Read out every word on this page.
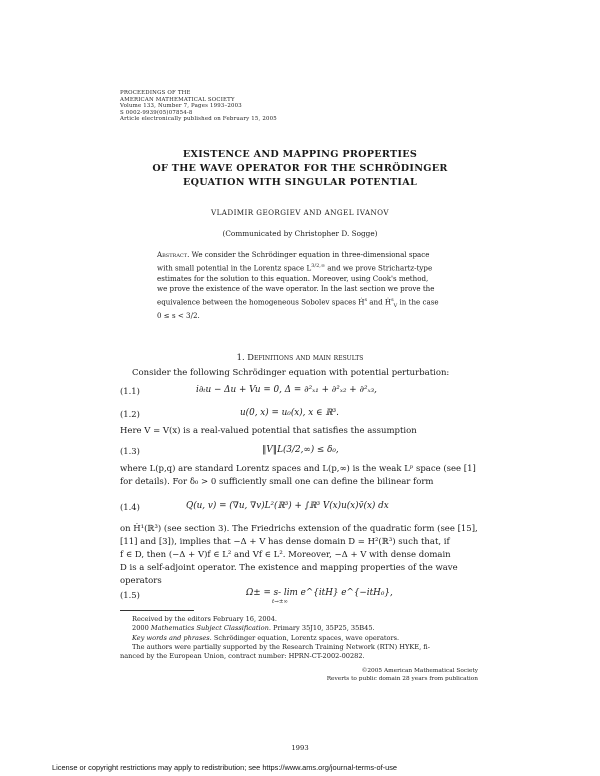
PROCEEDINGS OF THE
AMERICAN MATHEMATICAL SOCIETY
Volume 133, Number 7, Pages 1993–2003
S 0002-9939(05)07854-8
Article electronically published on February 15, 2005
EXISTENCE AND MAPPING PROPERTIES
OF THE WAVE OPERATOR FOR THE SCHRÖDINGER
EQUATION WITH SINGULAR POTENTIAL
VLADIMIR GEORGIEV AND ANGEL IVANOV
(Communicated by Christopher D. Sogge)
Abstract. We consider the Schrödinger equation in three-dimensional space
with small potential in the Lorentz space $L^{3/2,\infty}$ and we prove Strichartz-type
estimates for the solution to this equation. Moreover, using Cook's method,
we prove the existence of the wave operator. In the last section we prove the
equivalence between the homogeneous Sobolev spaces Ḣ$^s$ and Ḣ$^s_V$ in the case
0 ≤ s < 3/2.
1. Definitions and main results
Consider the following Schrödinger equation with potential perturbation:
(1.1)	i∂ₜu − Δu + Vu = 0, Δ = ∂²ₓ₁ + ∂²ₓ₂ + ∂²ₓ₃,
(1.2)	u(0, x) = u₀(x), x ∈ ℝ³.
Here V = V(x) is a real-valued potential that satisfies the assumption
(1.3)	‖V‖L(3/2,∞) ≤ δ₀,
where L(p,q) are standard Lorentz spaces and L(p,∞) is the weak Lᵖ space (see [1]
for details). For δ₀ > 0 sufficiently small one can define the bilinear form
(1.4)	Q(u, v) = (∇u, ∇v)L²(ℝ³) + ∫ℝ³ V(x)u(x)v̄(x) dx
on Ḣ¹(ℝ³) (see section 3). The Friedrichs extension of the quadratic form (see [15],
[11] and [3]), implies that −Δ + V has dense domain D = H²(ℝ³) such that, if
f ∈ D, then (−Δ + V)f ∈ L² and Vf ∈ L². Moreover, −Δ + V with dense domain
D is a self-adjoint operator. The existence and mapping properties of the wave
operators
(1.5)	Ω± = s- lim e^{itH} e^{−itH₀},
t→±∞
Received by the editors February 16, 2004.
2000 Mathematics Subject Classification. Primary 35J10, 35P25, 35B45.
Key words and phrases. Schrödinger equation, Lorentz spaces, wave operators.
The authors were partially supported by the Research Training Network (RTN) HYKE, fi-
nanced by the European Union, contract number: HPRN-CT-2002-00282.
©2005 American Mathematical Society
Reverts to public domain 28 years from publication
1993
License or copyright restrictions may apply to redistribution; see https://www.ams.org/journal-terms-of-use
